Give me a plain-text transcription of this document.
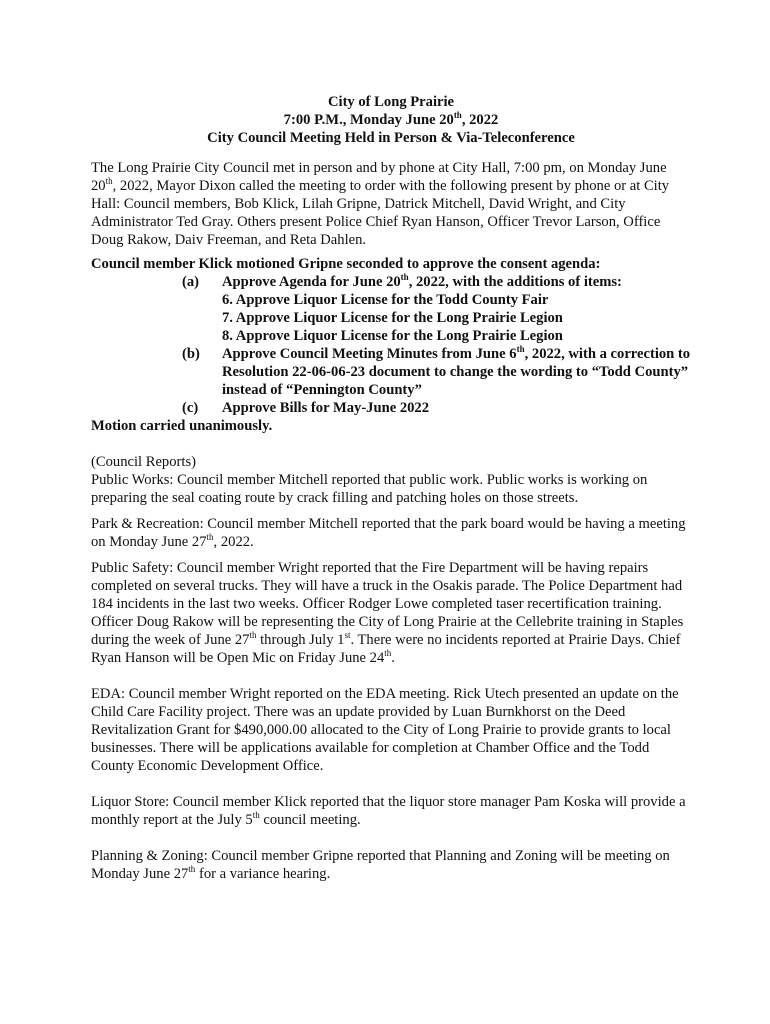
City of Long Prairie
7:00 P.M., Monday June 20th, 2022
City Council Meeting Held in Person & Via-Teleconference

The Long Prairie City Council met in person and by phone at City Hall, 7:00 pm, on Monday June 20th, 2022, Mayor Dixon called the meeting to order with the following present by phone or at City Hall: Council members, Bob Klick, Lilah Gripne, Datrick Mitchell, David Wright, and City Administrator Ted Gray. Others present Police Chief Ryan Hanson, Officer Trevor Larson, Office Doug Rakow, Daiv Freeman, and Reta Dahlen.

Council member Klick motioned Gripne seconded to approve the consent agenda:

(a)	Approve Agenda for June 20th, 2022, with the additions of items:
6. Approve Liquor License for the Todd County Fair
7. Approve Liquor License for the Long Prairie Legion
8. Approve Liquor License for the Long Prairie Legion
(b)	Approve Council Meeting Minutes from June 6th, 2022, with a correction to Resolution 22-06-06-23 document to change the wording to “Todd County” instead of “Pennington County”
(c)	Approve Bills for May-June 2022

Motion carried unanimously.

(Council Reports)

Public Works: Council member Mitchell reported that public work. Public works is working on preparing the seal coating route by crack filling and patching holes on those streets.

Park & Recreation: Council member Mitchell reported that the park board would be having a meeting on Monday June 27th, 2022.

Public Safety: Council member Wright reported that the Fire Department will be having repairs completed on several trucks. They will have a truck in the Osakis parade. The Police Department had 184 incidents in the last two weeks. Officer Rodger Lowe completed taser recertification training. Officer Doug Rakow will be representing the City of Long Prairie at the Cellebrite training in Staples during the week of June 27th through July 1st. There were no incidents reported at Prairie Days. Chief Ryan Hanson will be Open Mic on Friday June 24th.

EDA: Council member Wright reported on the EDA meeting. Rick Utech presented an update on the Child Care Facility project. There was an update provided by Luan Burnkhorst on the Deed Revitalization Grant for $490,000.00 allocated to the City of Long Prairie to provide grants to local businesses. There will be applications available for completion at Chamber Office and the Todd County Economic Development Office.

Liquor Store: Council member Klick reported that the liquor store manager Pam Koska will provide a monthly report at the July 5th council meeting.

Planning & Zoning: Council member Gripne reported that Planning and Zoning will be meeting on Monday June 27th for a variance hearing.
